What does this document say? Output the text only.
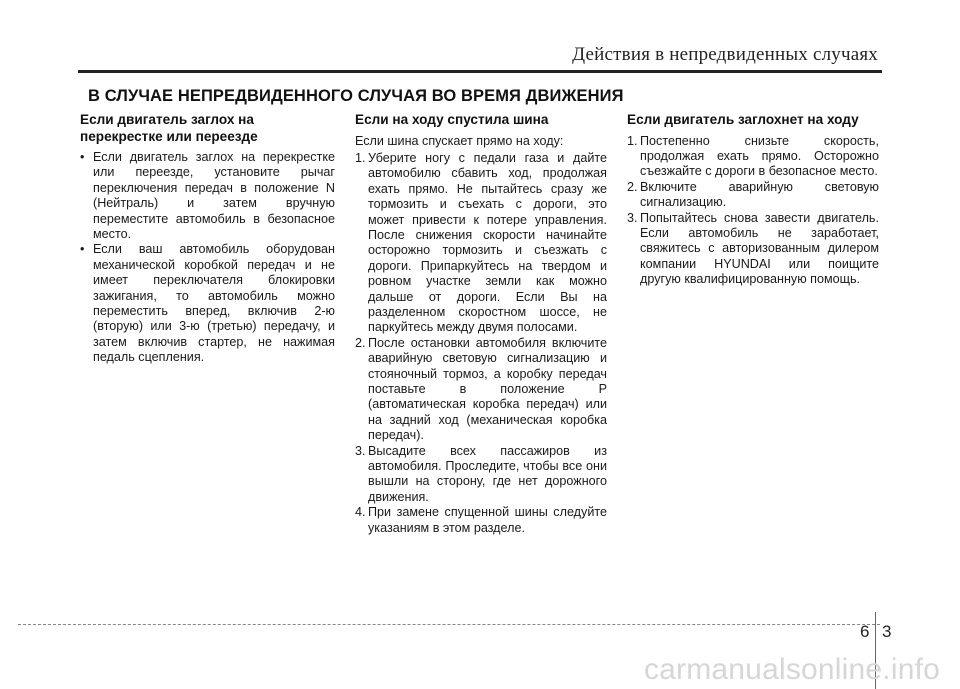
Действия в непредвиденных случаях
В СЛУЧАЕ НЕПРЕДВИДЕННОГО СЛУЧАЯ ВО ВРЕМЯ ДВИЖЕНИЯ
Если двигатель заглох на перекрестке или переезде
• Если двигатель заглох на перекрестке или переезде, установите рычаг переключения передач в положение N (Нейтраль) и затем вручную переместите автомобиль в безопасное место.
• Если ваш автомобиль оборудован механической коробкой передач и не имеет переключателя блокировки зажигания, то автомобиль можно переместить вперед, включив 2-ю (вторую) или 3-ю (третью) передачу, и затем включив стартер, не нажимая педаль сцепления.
Если на ходу спустила шина
Если шина спускает прямо на ходу:
1. Уберите ногу с педали газа и дайте автомобилю сбавить ход, продолжая ехать прямо. Не пытайтесь сразу же тормозить и съехать с дороги, это может привести к потере управления. После снижения скорости начинайте осторожно тормозить и съезжать с дороги. Припаркуйтесь на твердом и ровном участке земли как можно дальше от дороги. Если Вы на разделенном скоростном шоссе, не паркуйтесь между двумя полосами.
2. После остановки автомобиля включите аварийную световую сигнализацию и стояночный тормоз, а коробку передач поставьте в положение P (автоматическая коробка передач) или на задний ход (механическая коробка передач).
3. Высадите всех пассажиров из автомобиля. Проследите, чтобы все они вышли на сторону, где нет дорожного движения.
4. При замене спущенной шины следуйте указаниям в этом разделе.
Если двигатель заглохнет на ходу
1. Постепенно снизьте скорость, продолжая ехать прямо. Осторожно съезжайте с дороги в безопасное место.
2. Включите аварийную световую сигнализацию.
3. Попытайтесь снова завести двигатель. Если автомобиль не заработает, свяжитесь с авторизованным дилером компании HYUNDAI или поищите другую квалифицированную помощь.
6 3
carmanualsonline.info
